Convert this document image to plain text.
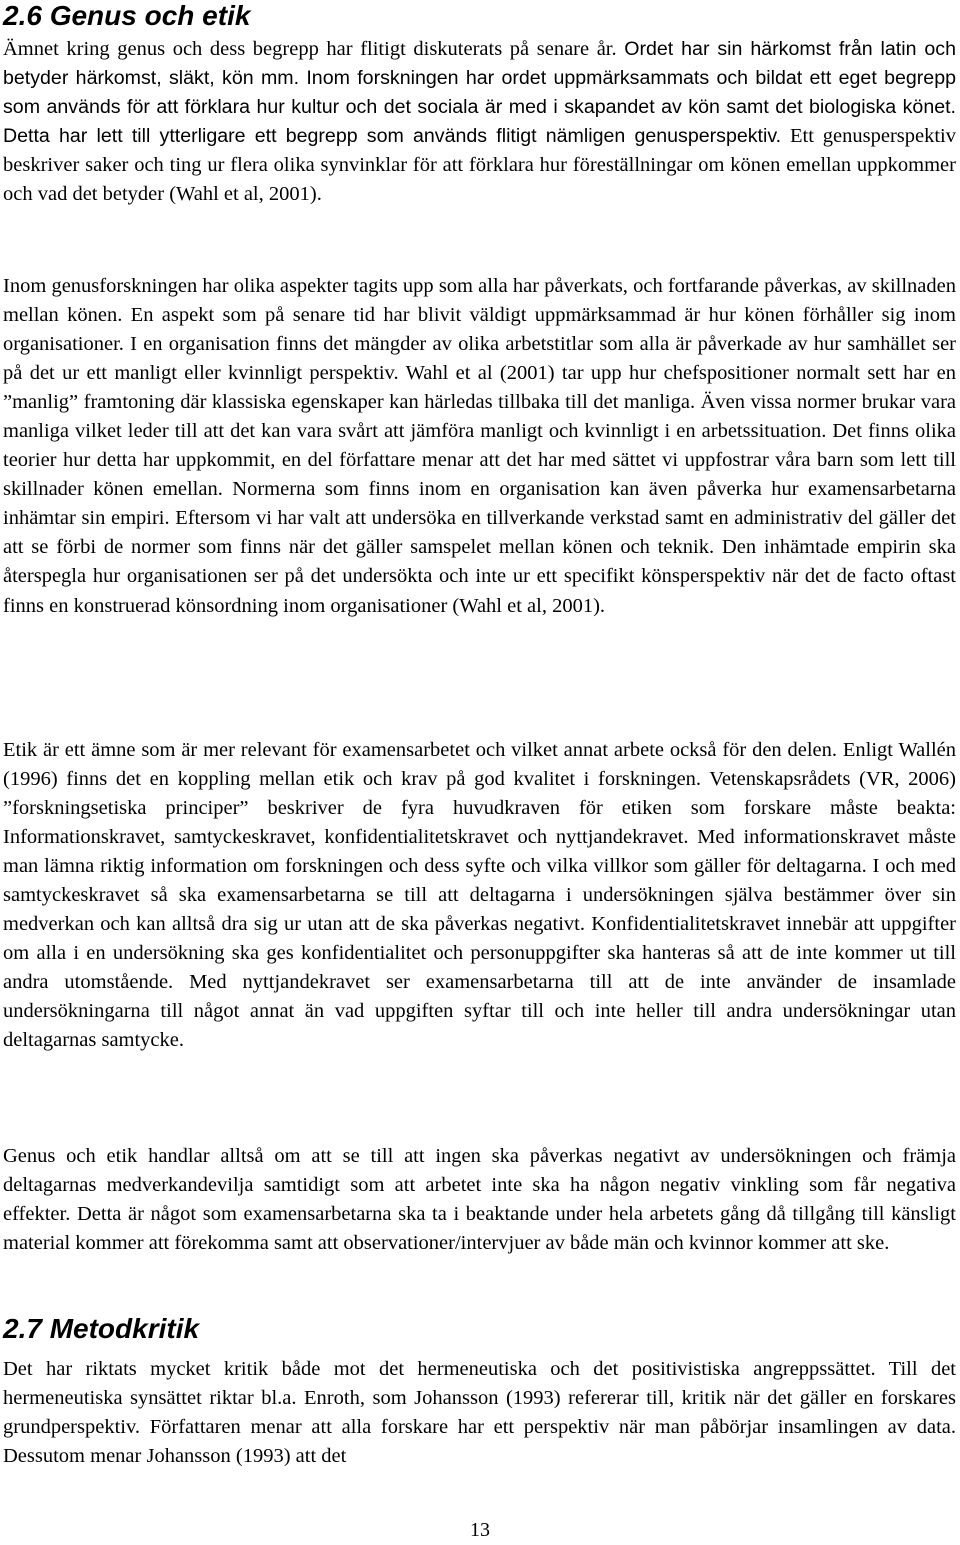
2.6 Genus och etik

Ämnet kring genus och dess begrepp har flitigt diskuterats på senare år. Ordet har sin härkomst från latin och betyder härkomst, släkt, kön mm. Inom forskningen har ordet uppmärksammats och bildat ett eget begrepp som används för att förklara hur kultur och det sociala är med i skapandet av kön samt det biologiska könet. Detta har lett till ytterligare ett begrepp som används flitigt nämligen genusperspektiv. Ett genusperspektiv beskriver saker och ting ur flera olika synvinklar för att förklara hur föreställningar om könen emellan uppkommer och vad det betyder (Wahl et al, 2001).

Inom genusforskningen har olika aspekter tagits upp som alla har påverkats, och fortfarande påverkas, av skillnaden mellan könen. En aspekt som på senare tid har blivit väldigt uppmärksammad är hur könen förhåller sig inom organisationer. I en organisation finns det mängder av olika arbetstitlar som alla är påverkade av hur samhället ser på det ur ett manligt eller kvinnligt perspektiv. Wahl et al (2001) tar upp hur chefspositioner normalt sett har en ”manlig” framtoning där klassiska egenskaper kan härledas tillbaka till det manliga. Även vissa normer brukar vara manliga vilket leder till att det kan vara svårt att jämföra manligt och kvinnligt i en arbetssituation. Det finns olika teorier hur detta har uppkommit, en del författare menar att det har med sättet vi uppfostrar våra barn som lett till skillnader könen emellan. Normerna som finns inom en organisation kan även påverka hur examensarbetarna inhämtar sin empiri. Eftersom vi har valt att undersöka en tillverkande verkstad samt en administrativ del gäller det att se förbi de normer som finns när det gäller samspelet mellan könen och teknik. Den inhämtade empirin ska återspegla hur organisationen ser på det undersökta och inte ur ett specifikt könsperspektiv när det de facto oftast finns en konstruerad könsordning inom organisationer (Wahl et al, 2001).

Etik är ett ämne som är mer relevant för examensarbetet och vilket annat arbete också för den delen. Enligt Wallén (1996) finns det en koppling mellan etik och krav på god kvalitet i forskningen. Vetenskapsrådets (VR, 2006) ”forskningsetiska principer” beskriver de fyra huvudkraven för etiken som forskare måste beakta: Informationskravet, samtyckeskravet, konfidentialitetskravet och nyttjandekravet. Med informationskravet måste man lämna riktig information om forskningen och dess syfte och vilka villkor som gäller för deltagarna. I och med samtyckeskravet så ska examensarbetarna se till att deltagarna i undersökningen själva bestämmer över sin medverkan och kan alltså dra sig ur utan att de ska påverkas negativt. Konfidentialitetskravet innebär att uppgifter om alla i en undersökning ska ges konfidentialitet och personuppgifter ska hanteras så att de inte kommer ut till andra utomstående. Med nyttjandekravet ser examensarbetarna till att de inte använder de insamlade undersökningarna till något annat än vad uppgiften syftar till och inte heller till andra undersökningar utan deltagarnas samtycke.

Genus och etik handlar alltså om att se till att ingen ska påverkas negativt av undersökningen och främja deltagarnas medverkandevilja samtidigt som att arbetet inte ska ha någon negativ vinkling som får negativa effekter. Detta är något som examensarbetarna ska ta i beaktande under hela arbetets gång då tillgång till känsligt material kommer att förekomma samt att observationer/intervjuer av både män och kvinnor kommer att ske.

2.7 Metodkritik

Det har riktats mycket kritik både mot det hermeneutiska och det positivistiska angreppssättet. Till det hermeneutiska synsättet riktar bl.a. Enroth, som Johansson (1993) refererar till, kritik när det gäller en forskares grundperspektiv. Författaren menar att alla forskare har ett perspektiv när man påbörjar insamlingen av data. Dessutom menar Johansson (1993) att det

13
